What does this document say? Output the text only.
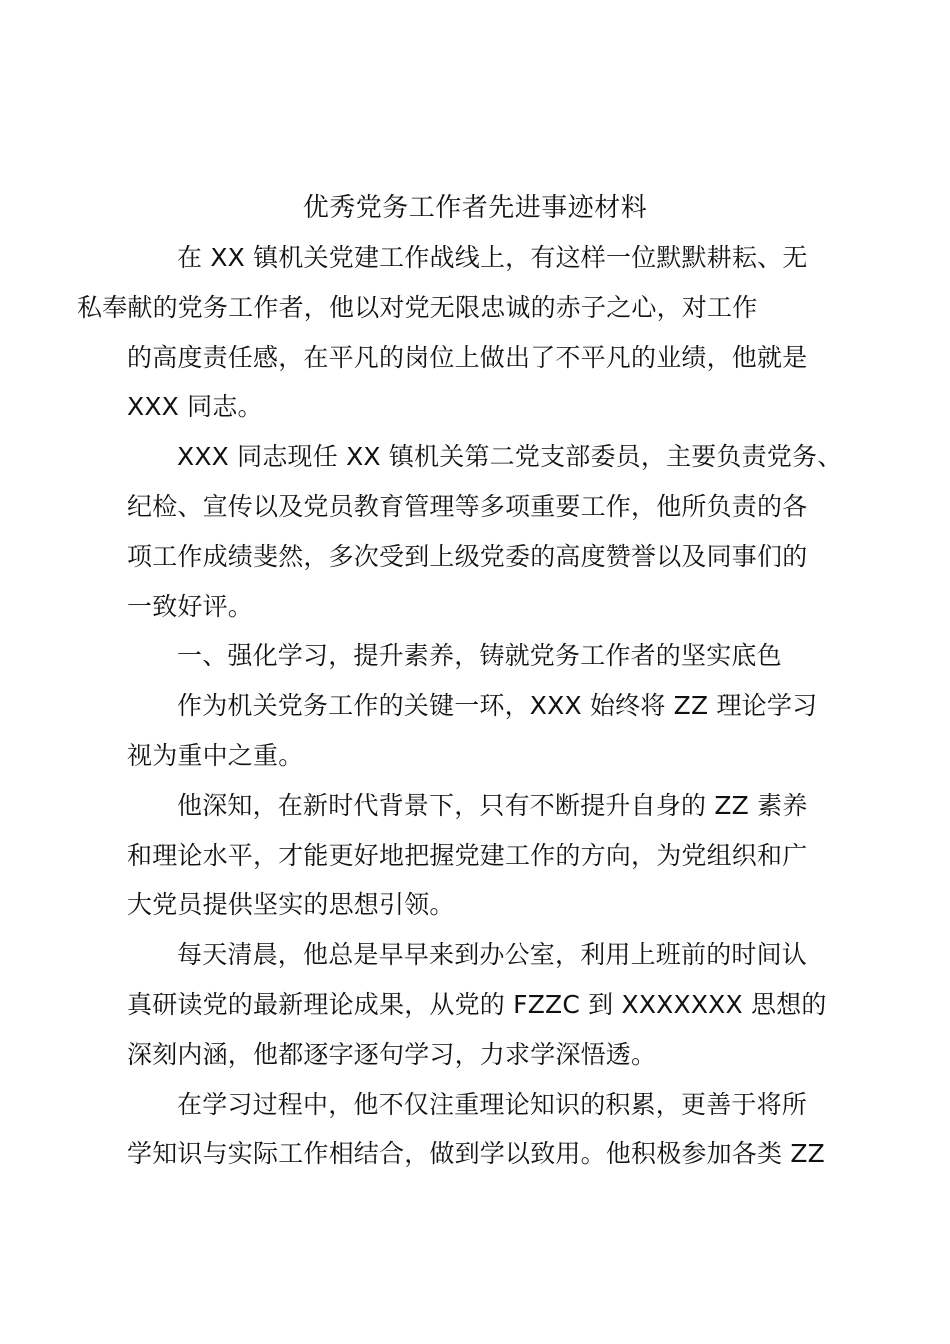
优秀党务工作者先进事迹材料

在 XX 镇机关党建工作战线上，有这样一位默默耕耘、无
私奉献的党务工作者，他以对党无限忠诚的赤子之心，对工作
的高度责任感，在平凡的岗位上做出了不平凡的业绩，他就是
XXX 同志。

XXX 同志现任 XX 镇机关第二党支部委员，主要负责党务、
纪检、宣传以及党员教育管理等多项重要工作，他所负责的各
项工作成绩斐然，多次受到上级党委的高度赞誉以及同事们的
一致好评。

一、强化学习，提升素养，铸就党务工作者的坚实底色

作为机关党务工作的关键一环，XXX 始终将 ZZ 理论学习
视为重中之重。

他深知，在新时代背景下，只有不断提升自身的 ZZ 素养
和理论水平，才能更好地把握党建工作的方向，为党组织和广
大党员提供坚实的思想引领。

每天清晨，他总是早早来到办公室，利用上班前的时间认
真研读党的最新理论成果，从党的 FZZC 到 XXXXXXX 思想的
深刻内涵，他都逐字逐句学习，力求学深悟透。

在学习过程中，他不仅注重理论知识的积累，更善于将所
学知识与实际工作相结合，做到学以致用。他积极参加各类 ZZ
